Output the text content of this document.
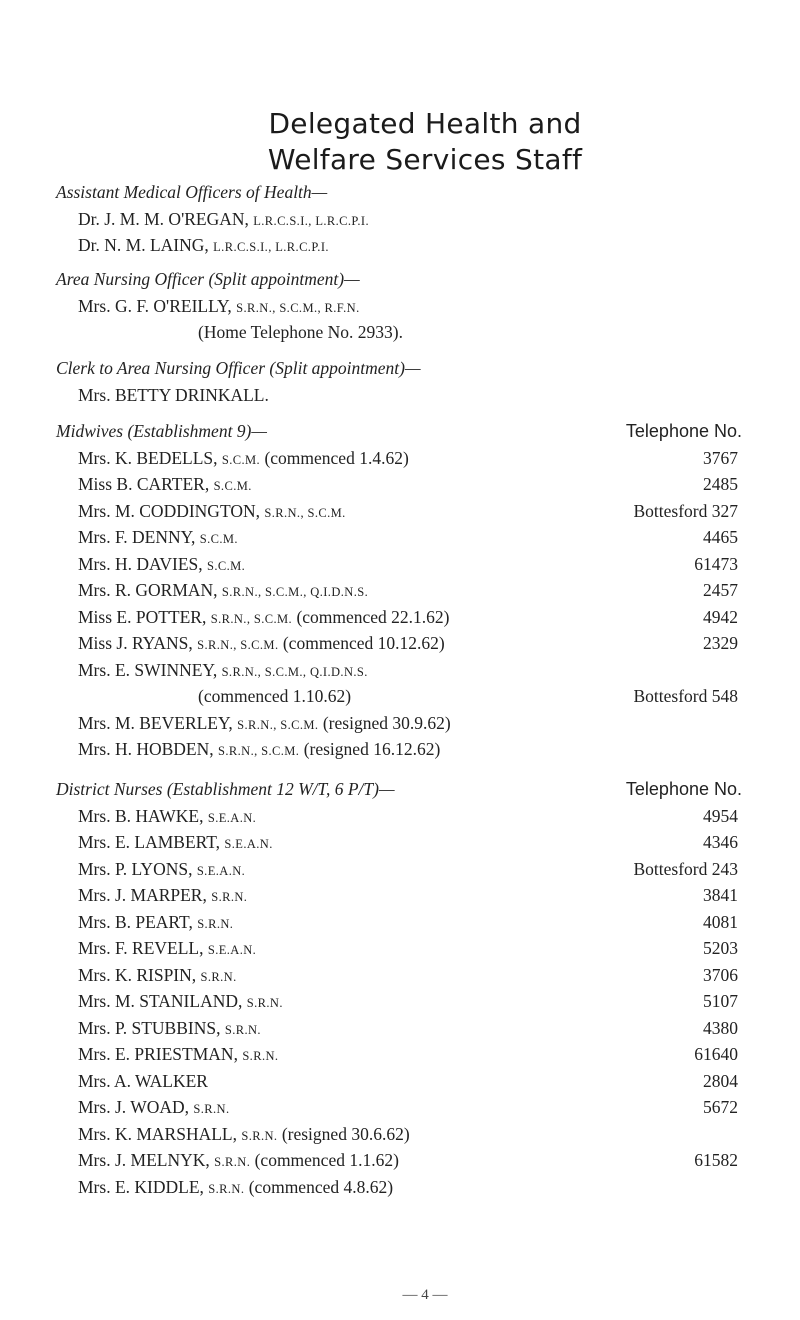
Delegated Health and
Welfare Services Staff
Assistant Medical Officers of Health—
Dr. J. M. M. O'REGAN, L.R.C.S.I., L.R.C.P.I.
Dr. N. M. LAING, L.R.C.S.I., L.R.C.P.I.
Area Nursing Officer (Split appointment)—
Mrs. G. F. O'REILLY, S.R.N., S.C.M., R.F.N.
(Home Telephone No. 2933).
Clerk to Area Nursing Officer (Split appointment)—
Mrs. BETTY DRINKALL.
Midwives (Establishment 9)—	Telephone No.
Mrs. K. BEDELLS, S.C.M. (commenced 1.4.62)	3767
Miss B. CARTER, S.C.M.	2485
Mrs. M. CODDINGTON, S.R.N., S.C.M.	Bottesford 327
Mrs. F. DENNY, S.C.M.	4465
Mrs. H. DAVIES, S.C.M.	61473
Mrs. R. GORMAN, S.R.N., S.C.M., Q.I.D.N.S.	2457
Miss E. POTTER, S.R.N., S.C.M. (commenced 22.1.62)	4942
Miss J. RYANS, S.R.N., S.C.M. (commenced 10.12.62)	2329
Mrs. E. SWINNEY, S.R.N., S.C.M., Q.I.D.N.S.
(commenced 1.10.62)	Bottesford 548
Mrs. M. BEVERLEY, S.R.N., S.C.M. (resigned 30.9.62)
Mrs. H. HOBDEN, S.R.N., S.C.M. (resigned 16.12.62)
District Nurses (Establishment 12 W/T, 6 P/T)—	Telephone No.
Mrs. B. HAWKE, S.E.A.N.	4954
Mrs. E. LAMBERT, S.E.A.N.	4346
Mrs. P. LYONS, S.E.A.N.	Bottesford 243
Mrs. J. MARPER, S.R.N.	3841
Mrs. B. PEART, S.R.N.	4081
Mrs. F. REVELL, S.E.A.N.	5203
Mrs. K. RISPIN, S.R.N.	3706
Mrs. M. STANILAND, S.R.N.	5107
Mrs. P. STUBBINS, S.R.N.	4380
Mrs. E. PRIESTMAN, S.R.N.	61640
Mrs. A. WALKER	2804
Mrs. J. WOAD, S.R.N.	5672
Mrs. K. MARSHALL, S.R.N. (resigned 30.6.62)
Mrs. J. MELNYK, S.R.N. (commenced 1.1.62)	61582
Mrs. E. KIDDLE, S.R.N. (commenced 4.8.62)
— 4 —
